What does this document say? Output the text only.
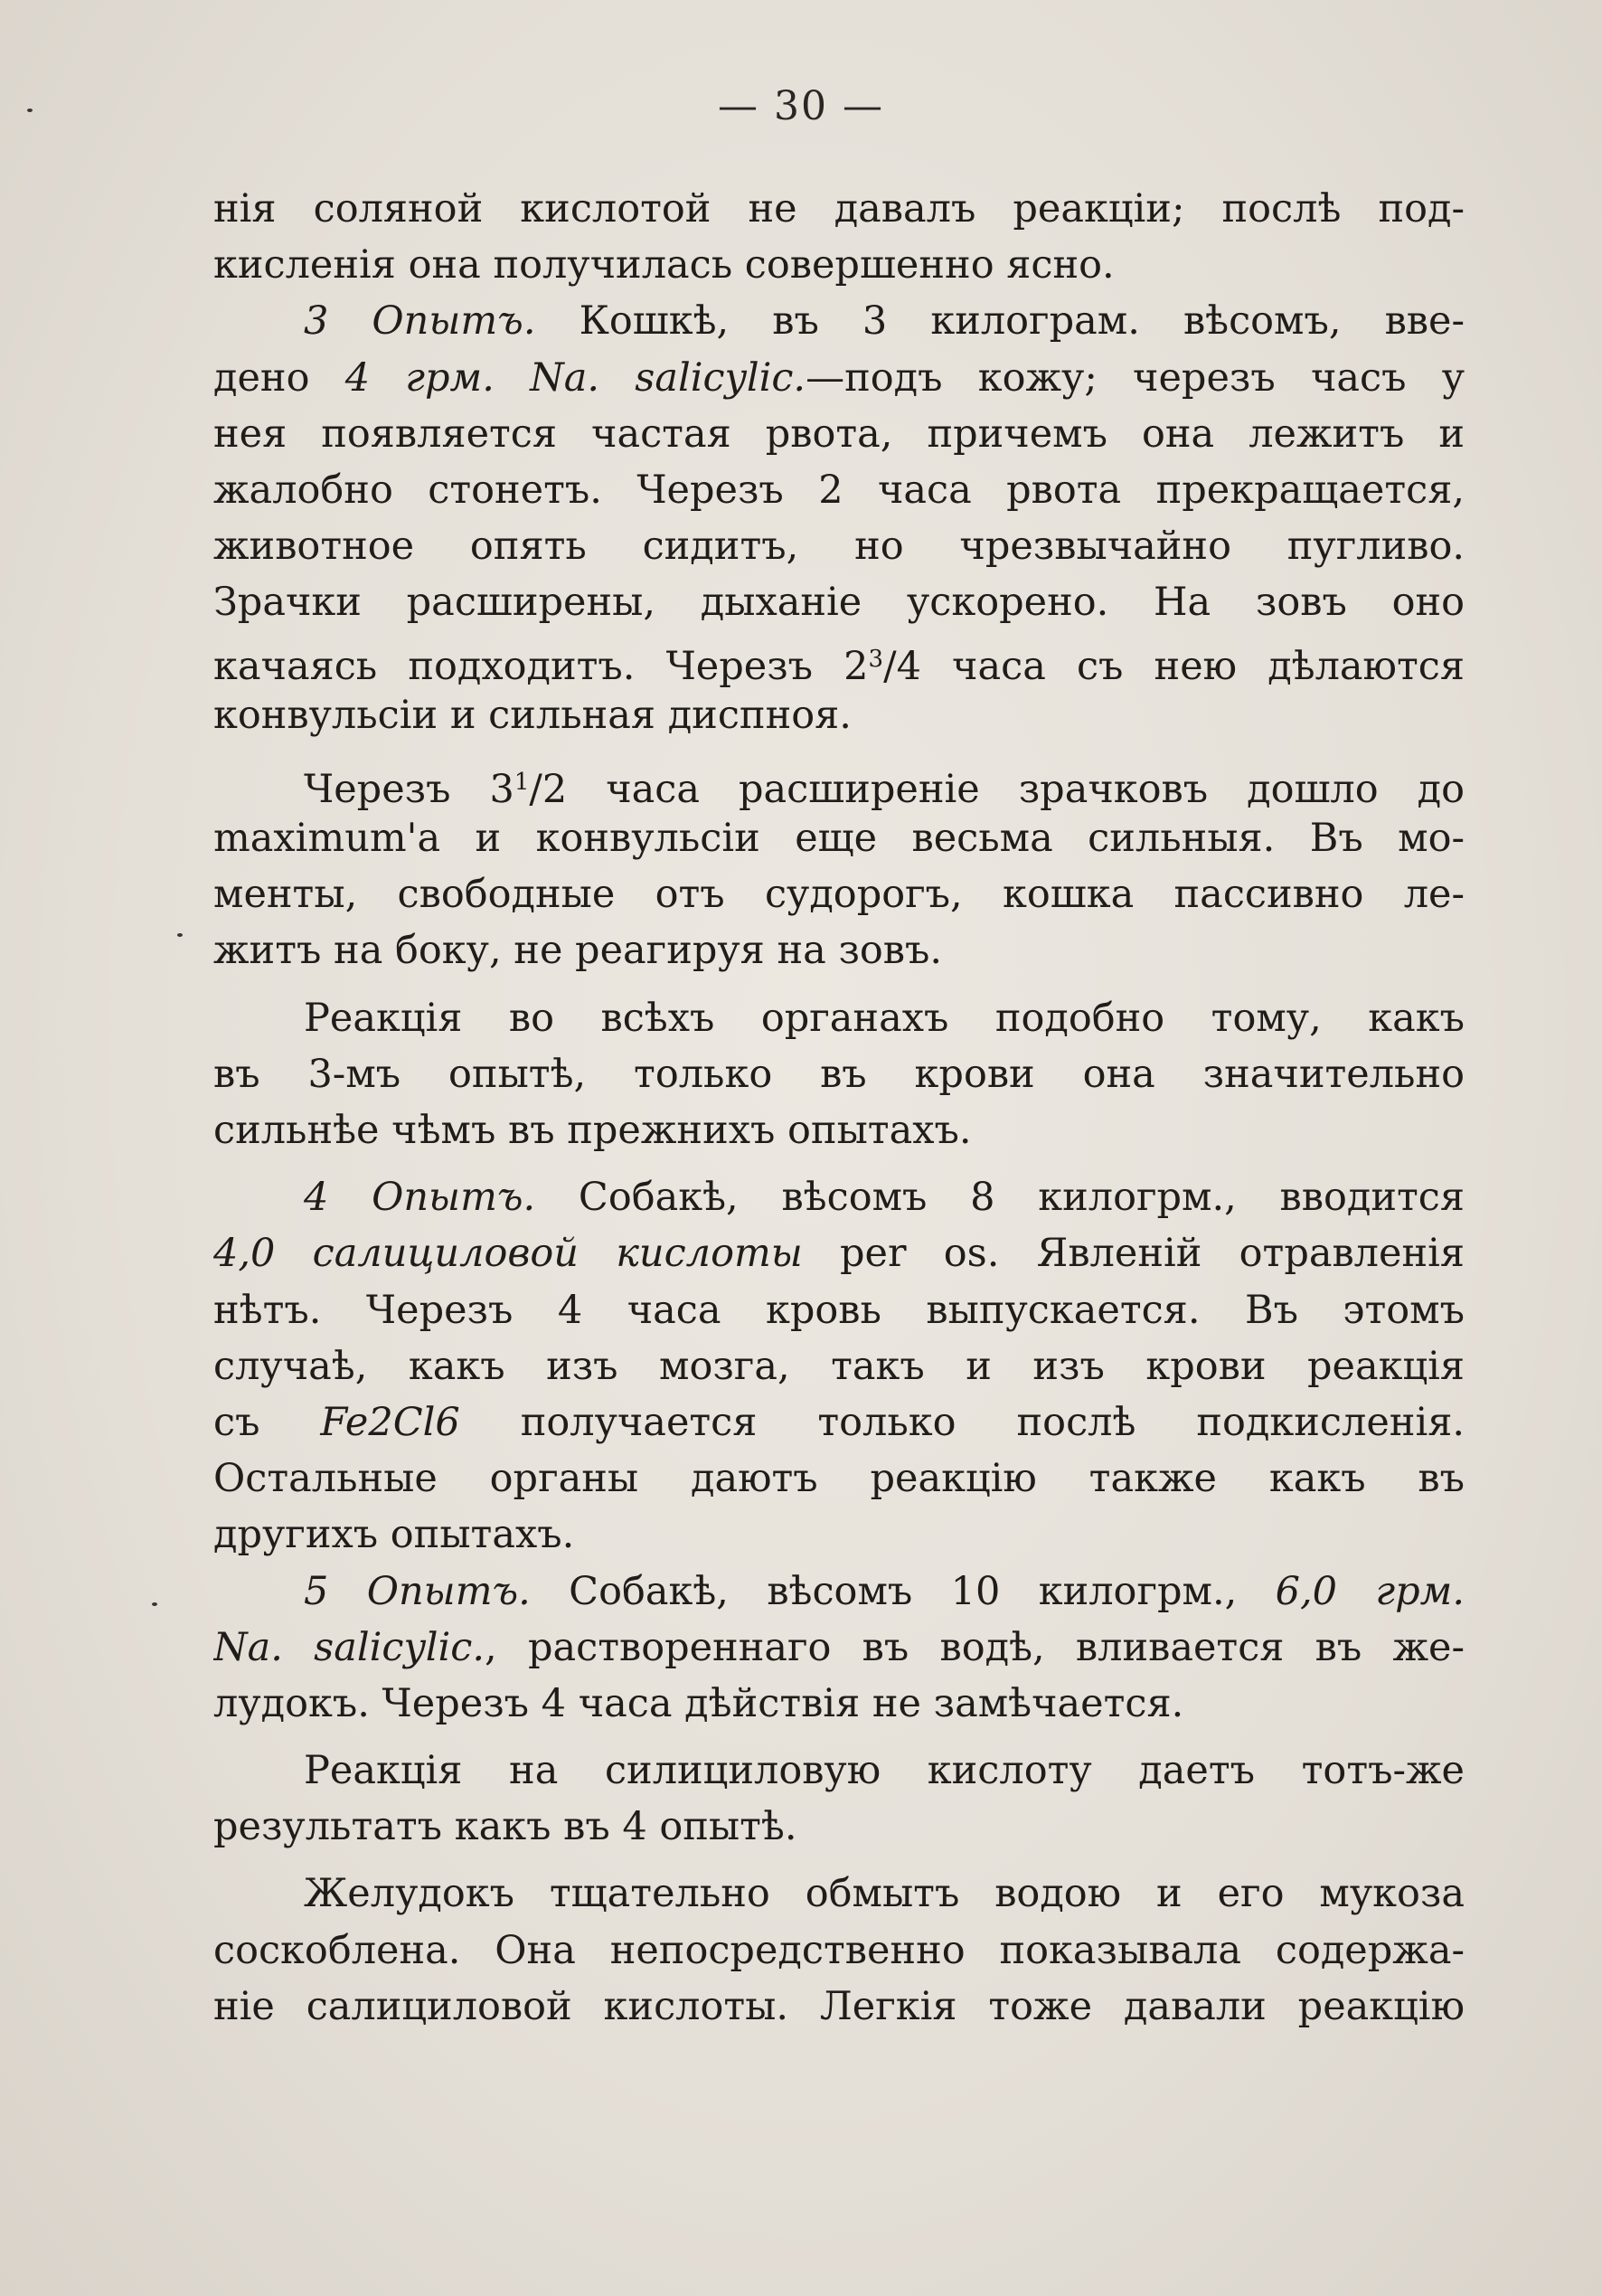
— 30 —
нія соляной кислотой не давалъ реакціи; послѣ под-
кисленія она получилась совершенно ясно.
3 Опытъ. Кошкѣ, въ 3 килограм. вѣсомъ, вве-
дено 4 грм. Na. salicylic.—подъ кожу; черезъ часъ у
нея появляется частая рвота, причемъ она лежитъ и
жалобно стонетъ. Черезъ 2 часа рвота прекращается,
животное опять сидитъ, но чрезвычайно пугливо.
Зрачки расширены, дыханіе ускорено. На зовъ оно
качаясь подходитъ. Черезъ $2^3/4$ часа съ нею дѣлаются
конвульсіи и сильная диспноя.
Черезъ $3^1/2$ часа расширеніе зрачковъ дошло до
maximum'а и конвульсіи еще весьма сильныя. Въ мо-
менты, свободные отъ судорогъ, кошка пассивно ле-
житъ на боку, не реагируя на зовъ.
Реакція во всѣхъ органахъ подобно тому, какъ
въ 3-мъ опытѣ, только въ крови она значительно
сильнѣе чѣмъ въ прежнихъ опытахъ.
4 Опытъ. Собакѣ, вѣсомъ 8 килогрм., вводится
4,0 салициловой кислоты per os. Явленій отравленія
нѣтъ. Черезъ 4 часа кровь выпускается. Въ этомъ
случаѣ, какъ изъ мозга, такъ и изъ крови реакція
съ Fe2Cl6 получается только послѣ подкисленія.
Остальные органы даютъ реакцію также какъ въ
другихъ опытахъ.
5 Опытъ. Собакѣ, вѣсомъ 10 килогрм., 6,0 грм.
Na. salicylic., раствореннаго въ водѣ, вливается въ же-
лудокъ. Черезъ 4 часа дѣйствія не замѣчается.
Реакція на силициловую кислоту даетъ тотъ-же
результатъ какъ въ 4 опытѣ.
Желудокъ тщательно обмытъ водою и его мукоза
соскоблена. Она непосредственно показывала содержа-
ніе салициловой кислоты. Легкія тоже давали реакцію
